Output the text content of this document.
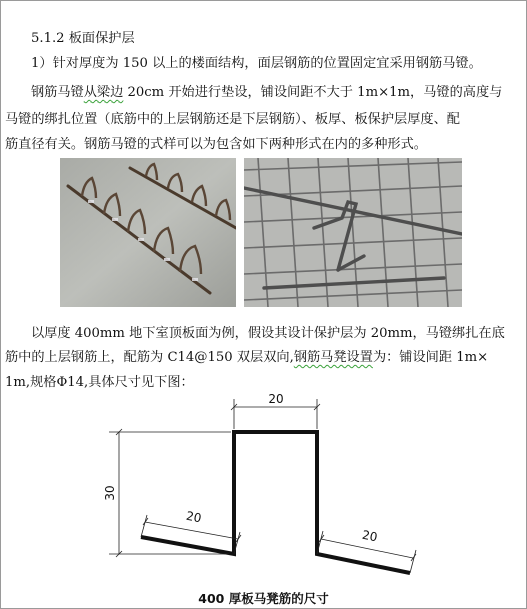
5.1.2 板面保护层
1）针对厚度为 150 以上的楼面结构，面层钢筋的位置固定宜采用钢筋马镫。
钢筋马镫从梁边 20cm 开始进行垫设，铺设间距不大于 1m×1m，马镫的高度与
马镫的绑扎位置（底筋中的上层钢筋还是下层钢筋）、板厚、板保护层厚度、配
筋直径有关。钢筋马镫的式样可以为包含如下两种形式在内的多种形式。
以厚度 400mm 地下室顶板面为例，假设其设计保护层为 20mm，马镫绑扎在底
筋中的上层钢筋上，配筋为 C14@150 双层双向,钢筋马凳设置为：铺设间距 1m×
1m,规格Φ14,具体尺寸见下图：
20
30
20
20
400 厚板马凳筋的尺寸
